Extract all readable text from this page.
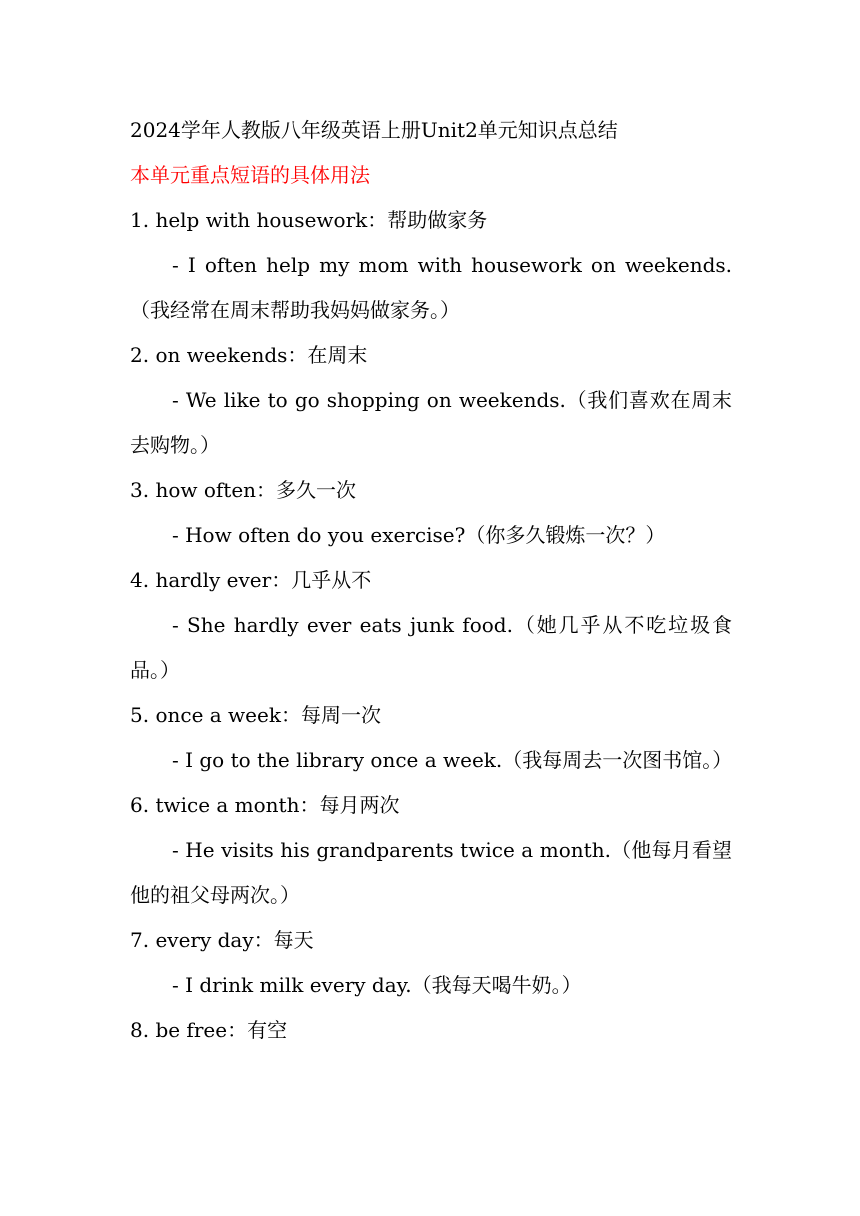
2024学年人教版八年级英语上册Unit2单元知识点总结

本单元重点短语的具体用法

1. help with housework：帮助做家务

- I often help my mom with housework on weekends.（我经常在周末帮助我妈妈做家务。）

2. on weekends：在周末

- We like to go shopping on weekends.（我们喜欢在周末去购物。）

3. how often：多久一次

- How often do you exercise?（你多久锻炼一次？）

4. hardly ever：几乎从不

- She hardly ever eats junk food.（她几乎从不吃垃圾食品。）

5. once a week：每周一次

- I go to the library once a week.（我每周去一次图书馆。）

6. twice a month：每月两次

- He visits his grandparents twice a month.（他每月看望他的祖父母两次。）

7. every day：每天

- I drink milk every day.（我每天喝牛奶。）

8. be free：有空
